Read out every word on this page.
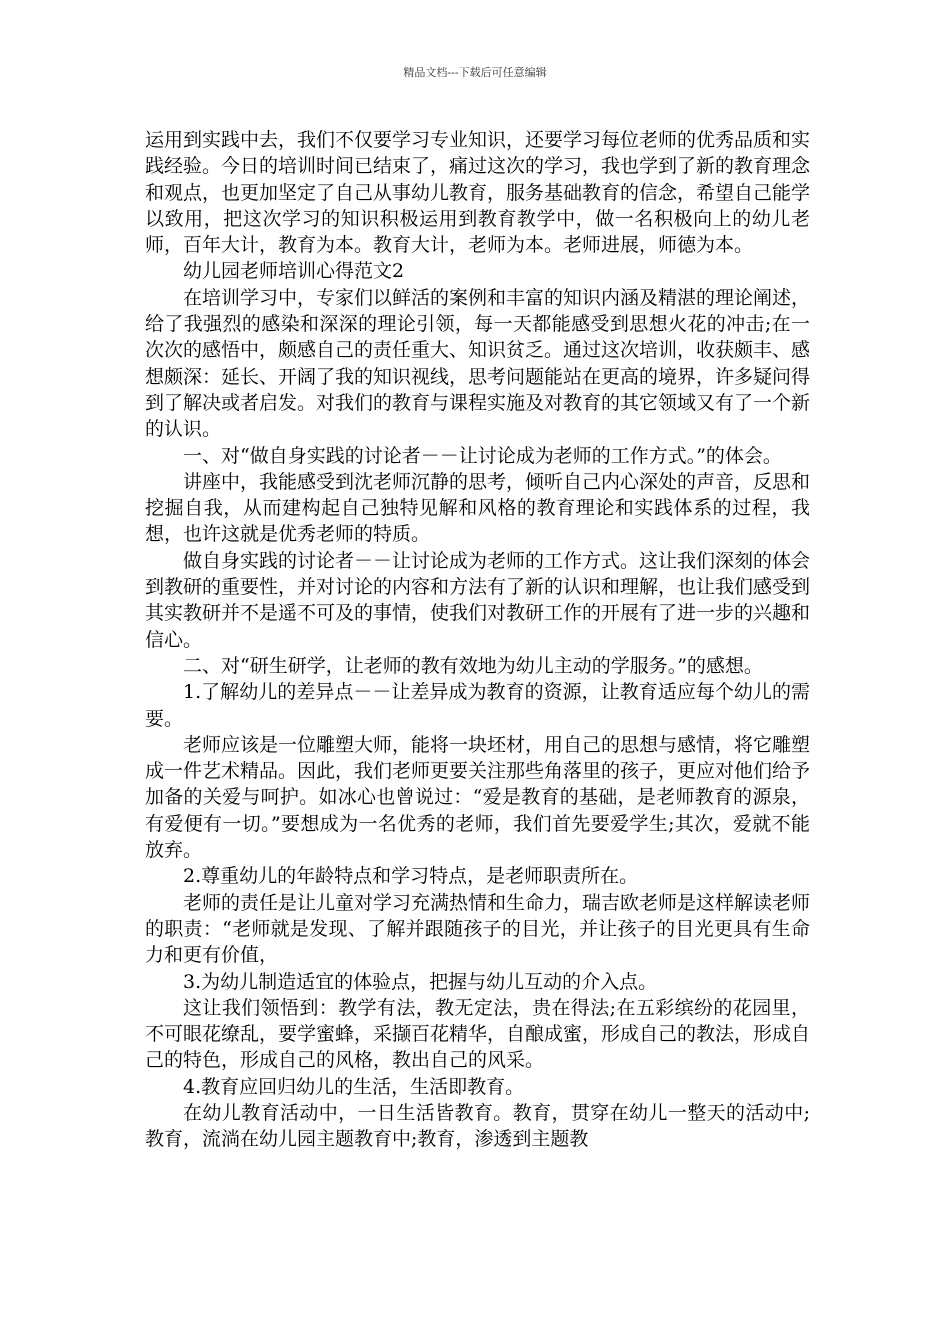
精品文档---下载后可任意编辑

运用到实践中去，我们不仅要学习专业知识，还要学习每位老师的优秀品质和实践经验。今日的培训时间已结束了，痛过这次的学习，我也学到了新的教育理念和观点，也更加坚定了自己从事幼儿教育，服务基础教育的信念，希望自己能学以致用，把这次学习的知识积极运用到教育教学中，做一名积极向上的幼儿老师，百年大计，教育为本。教育大计，老师为本。老师进展，师德为本。

幼儿园老师培训心得范文2

在培训学习中，专家们以鲜活的案例和丰富的知识内涵及精湛的理论阐述，给了我强烈的感染和深深的理论引领，每一天都能感受到思想火花的冲击;在一次次的感悟中，颇感自己的责任重大、知识贫乏。通过这次培训，收获颇丰、感想颇深：延长、开阔了我的知识视线，思考问题能站在更高的境界，许多疑问得到了解决或者启发。对我们的教育与课程实施及对教育的其它领域又有了一个新的认识。

一、对“做自身实践的讨论者－－让讨论成为老师的工作方式。”的体会。

讲座中，我能感受到沈老师沉静的思考，倾听自己内心深处的声音，反思和挖掘自我，从而建构起自己独特见解和风格的教育理论和实践体系的过程，我想，也许这就是优秀老师的特质。

做自身实践的讨论者－－让讨论成为老师的工作方式。这让我们深刻的体会到教研的重要性，并对讨论的内容和方法有了新的认识和理解，也让我们感受到其实教研并不是遥不可及的事情，使我们对教研工作的开展有了进一步的兴趣和信心。

二、对“研生研学，让老师的教有效地为幼儿主动的学服务。”的感想。

1.了解幼儿的差异点－－让差异成为教育的资源，让教育适应每个幼儿的需要。

老师应该是一位雕塑大师，能将一块坯材，用自己的思想与感情，将它雕塑成一件艺术精品。因此，我们老师更要关注那些角落里的孩子，更应对他们给予加备的关爱与呵护。如冰心也曾说过：“爱是教育的基础，是老师教育的源泉，有爱便有一切。”要想成为一名优秀的老师，我们首先要爱学生;其次，爱就不能放弃。

2.尊重幼儿的年龄特点和学习特点，是老师职责所在。

老师的责任是让儿童对学习充满热情和生命力，瑞吉欧老师是这样解读老师的职责：“老师就是发现、了解并跟随孩子的目光，并让孩子的目光更具有生命力和更有价值，

3.为幼儿制造适宜的体验点，把握与幼儿互动的介入点。

这让我们领悟到：教学有法，教无定法，贵在得法;在五彩缤纷的花园里，不可眼花缭乱，要学蜜蜂，采撷百花精华，自酿成蜜，形成自己的教法，形成自己的特色，形成自己的风格，教出自己的风采。

4.教育应回归幼儿的生活，生活即教育。

在幼儿教育活动中，一日生活皆教育。教育，贯穿在幼儿一整天的活动中;教育，流淌在幼儿园主题教育中;教育，渗透到主题教
